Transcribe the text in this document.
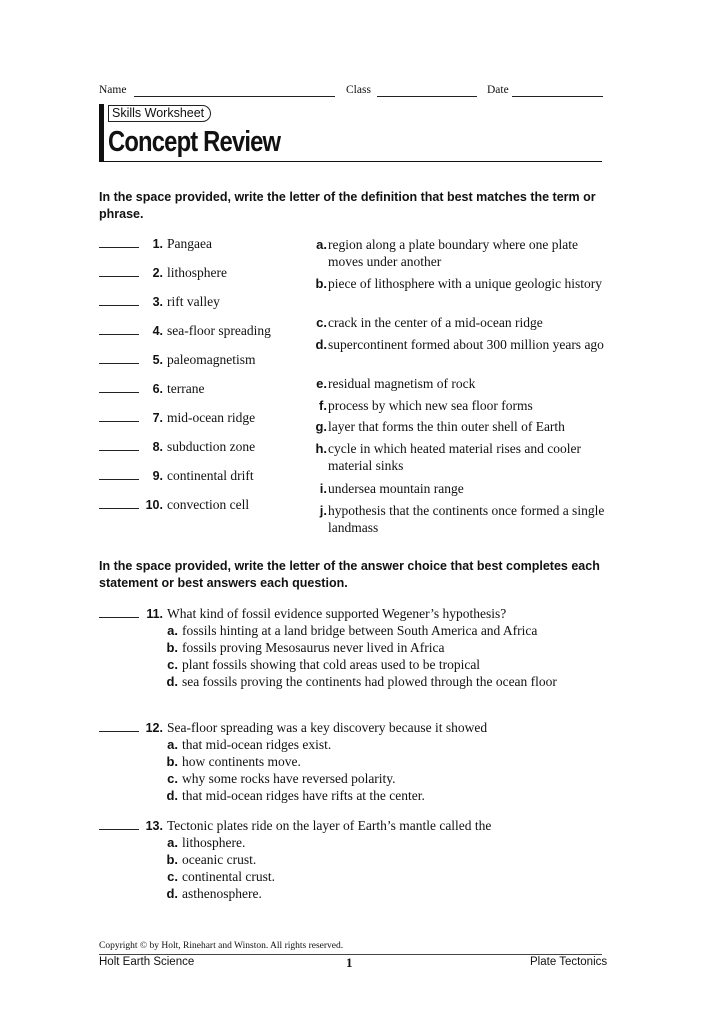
Name	Class	Date
Skills Worksheet
Concept Review
In the space provided, write the letter of the definition that best matches the term or phrase.
1. Pangaea
2. lithosphere
3. rift valley
4. sea-floor spreading
5. paleomagnetism
6. terrane
7. mid-ocean ridge
8. subduction zone
9. continental drift
10. convection cell
a. region along a plate boundary where one plate moves under another
b. piece of lithosphere with a unique geologic history
c. crack in the center of a mid-ocean ridge
d. supercontinent formed about 300 million years ago
e. residual magnetism of rock
f. process by which new sea floor forms
g. layer that forms the thin outer shell of Earth
h. cycle in which heated material rises and cooler material sinks
i. undersea mountain range
j. hypothesis that the continents once formed a single landmass
In the space provided, write the letter of the answer choice that best completes each statement or best answers each question.
11. What kind of fossil evidence supported Wegener’s hypothesis?
a. fossils hinting at a land bridge between South America and Africa
b. fossils proving Mesosaurus never lived in Africa
c. plant fossils showing that cold areas used to be tropical
d. sea fossils proving the continents had plowed through the ocean floor
12. Sea-floor spreading was a key discovery because it showed
a. that mid-ocean ridges exist.
b. how continents move.
c. why some rocks have reversed polarity.
d. that mid-ocean ridges have rifts at the center.
13. Tectonic plates ride on the layer of Earth’s mantle called the
a. lithosphere.
b. oceanic crust.
c. continental crust.
d. asthenosphere.
Copyright © by Holt, Rinehart and Winston. All rights reserved.
Holt Earth Science	1	Plate Tectonics
